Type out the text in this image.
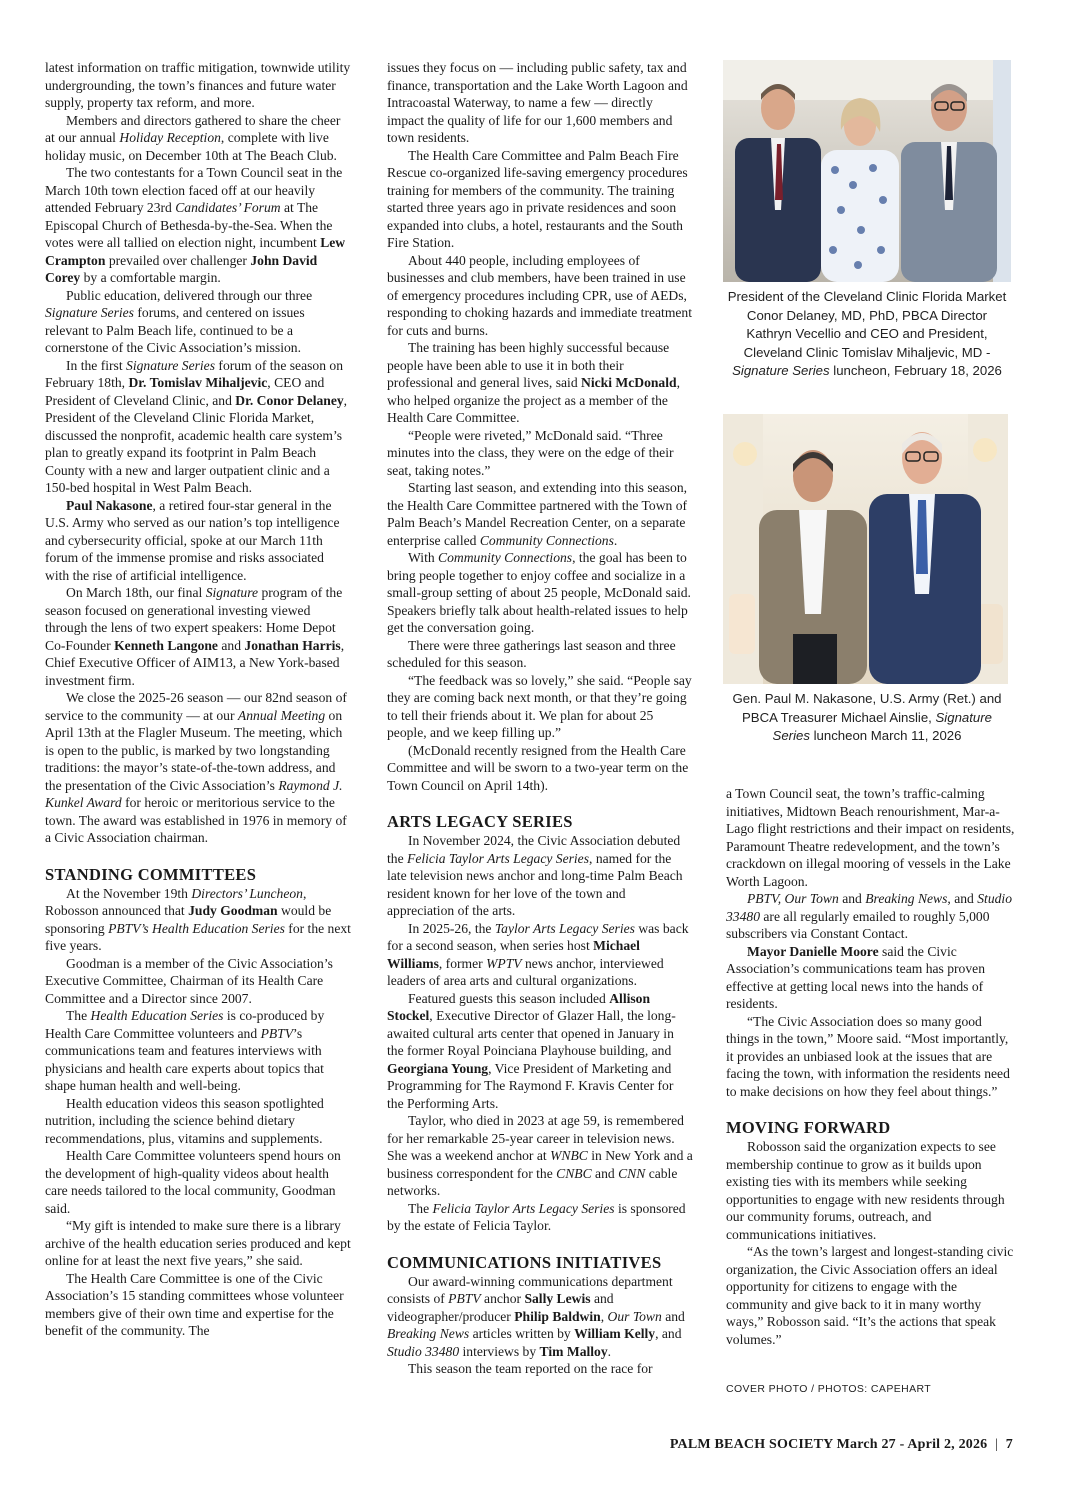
latest information on traffic mitigation, townwide utility undergrounding, the town’s finances and future water supply, property tax reform, and more.

Members and directors gathered to share the cheer at our annual Holiday Reception, complete with live holiday music, on December 10th at The Beach Club.

The two contestants for a Town Council seat in the March 10th town election faced off at our heavily attended February 23rd Candidates’ Forum at The Episcopal Church of Bethesda-by-the-Sea. When the votes were all tallied on election night, incumbent Lew Crampton prevailed over challenger John David Corey by a comfortable margin.

Public education, delivered through our three Signature Series forums, and centered on issues relevant to Palm Beach life, continued to be a cornerstone of the Civic Association’s mission.

In the first Signature Series forum of the season on February 18th, Dr. Tomislav Mihaljevic, CEO and President of Cleveland Clinic, and Dr. Conor Delaney, President of the Cleveland Clinic Florida Market, discussed the nonprofit, academic health care system’s plan to greatly expand its footprint in Palm Beach County with a new and larger outpatient clinic and a 150-bed hospital in West Palm Beach.

Paul Nakasone, a retired four-star general in the U.S. Army who served as our nation’s top intelligence and cybersecurity official, spoke at our March 11th forum of the immense promise and risks associated with the rise of artificial intelligence.

On March 18th, our final Signature program of the season focused on generational investing viewed through the lens of two expert speakers: Home Depot Co-Founder Kenneth Langone and Jonathan Harris, Chief Executive Officer of AIM13, a New York-based investment firm.

We close the 2025-26 season — our 82nd season of service to the community — at our Annual Meeting on April 13th at the Flagler Museum. The meeting, which is open to the public, is marked by two longstanding traditions: the mayor’s state-of-the-town address, and the presentation of the Civic Association’s Raymond J. Kunkel Award for heroic or meritorious service to the town. The award was established in 1976 in memory of a Civic Association chairman.

STANDING COMMITTEES

At the November 19th Directors’ Luncheon, Robosson announced that Judy Goodman would be sponsoring PBTV’s Health Education Series for the next five years.

Goodman is a member of the Civic Association’s Executive Committee, Chairman of its Health Care Committee and a Director since 2007.

The Health Education Series is co-produced by Health Care Committee volunteers and PBTV’s communications team and features interviews with physicians and health care experts about topics that shape human health and well-being.

Health education videos this season spotlighted nutrition, including the science behind dietary recommendations, plus, vitamins and supplements.

Health Care Committee volunteers spend hours on the development of high-quality videos about health care needs tailored to the local community, Goodman said.

“My gift is intended to make sure there is a library archive of the health education series produced and kept online for at least the next five years,” she said.

The Health Care Committee is one of the Civic Association’s 15 standing committees whose volunteer members give of their own time and expertise for the benefit of the community. The

issues they focus on — including public safety, tax and finance, transportation and the Lake Worth Lagoon and Intracoastal Waterway, to name a few — directly impact the quality of life for our 1,600 members and town residents.

The Health Care Committee and Palm Beach Fire Rescue co-organized life-saving emergency procedures training for members of the community. The training started three years ago in private residences and soon expanded into clubs, a hotel, restaurants and the South Fire Station.

About 440 people, including employees of businesses and club members, have been trained in use of emergency procedures including CPR, use of AEDs, responding to choking hazards and immediate treatment for cuts and burns.

The training has been highly successful because people have been able to use it in both their professional and general lives, said Nicki McDonald, who helped organize the project as a member of the Health Care Committee.

“People were riveted,” McDonald said. “Three minutes into the class, they were on the edge of their seat, taking notes.”

Starting last season, and extending into this season, the Health Care Committee partnered with the Town of Palm Beach’s Mandel Recreation Center, on a separate enterprise called Community Connections.

With Community Connections, the goal has been to bring people together to enjoy coffee and socialize in a small-group setting of about 25 people, McDonald said. Speakers briefly talk about health-related issues to help get the conversation going.

There were three gatherings last season and three scheduled for this season.

“The feedback was so lovely,” she said. “People say they are coming back next month, or that they’re going to tell their friends about it. We plan for about 25 people, and we keep filling up.”

(McDonald recently resigned from the Health Care Committee and will be sworn to a two-year term on the Town Council on April 14th).

ARTS LEGACY SERIES

In November 2024, the Civic Association debuted the Felicia Taylor Arts Legacy Series, named for the late television news anchor and long-time Palm Beach resident known for her love of the town and appreciation of the arts.

In 2025-26, the Taylor Arts Legacy Series was back for a second season, when series host Michael Williams, former WPTV news anchor, interviewed leaders of area arts and cultural organizations.

Featured guests this season included Allison Stockel, Executive Director of Glazer Hall, the long-awaited cultural arts center that opened in January in the former Royal Poinciana Playhouse building, and Georgiana Young, Vice President of Marketing and Programming for The Raymond F. Kravis Center for the Performing Arts.

Taylor, who died in 2023 at age 59, is remembered for her remarkable 25-year career in television news. She was a weekend anchor at WNBC in New York and a business correspondent for the CNBC and CNN cable networks.

The Felicia Taylor Arts Legacy Series is sponsored by the estate of Felicia Taylor.

COMMUNICATIONS INITIATIVES

Our award-winning communications department consists of PBTV anchor Sally Lewis and videographer/producer Philip Baldwin, Our Town and Breaking News articles written by William Kelly, and Studio 33480 interviews by Tim Malloy.

This season the team reported on the race for

President of the Cleveland Clinic Florida Market Conor Delaney, MD, PhD, PBCA Director Kathryn Vecellio and CEO and President, Cleveland Clinic Tomislav Mihaljevic, MD - Signature Series luncheon, February 18, 2026
Gen. Paul M. Nakasone, U.S. Army (Ret.) and PBCA Treasurer Michael Ainslie, Signature Series luncheon March 11, 2026

a Town Council seat, the town’s traffic-calming initiatives, Midtown Beach renourishment, Mar-a-Lago flight restrictions and their impact on residents, Paramount Theatre redevelopment, and the town’s crackdown on illegal mooring of vessels in the Lake Worth Lagoon.

PBTV, Our Town and Breaking News, and Studio 33480 are all regularly emailed to roughly 5,000 subscribers via Constant Contact.

Mayor Danielle Moore said the Civic Association’s communications team has proven effective at getting local news into the hands of residents.

“The Civic Association does so many good things in the town,” Moore said. “Most importantly, it provides an unbiased look at the issues that are facing the town, with information the residents need to make decisions on how they feel about things.”

MOVING FORWARD

Robosson said the organization expects to see membership continue to grow as it builds upon existing ties with its members while seeking opportunities to engage with new residents through our community forums, outreach, and communications initiatives.

“As the town’s largest and longest-standing civic organization, the Civic Association offers an ideal opportunity for citizens to engage with the community and give back to it in many worthy ways,” Robosson said. “It’s the actions that speak volumes.”

COVER PHOTO / PHOTOS: CAPEHART
PALM BEACH SOCIETY March 27 - April 2, 2026 | 7
